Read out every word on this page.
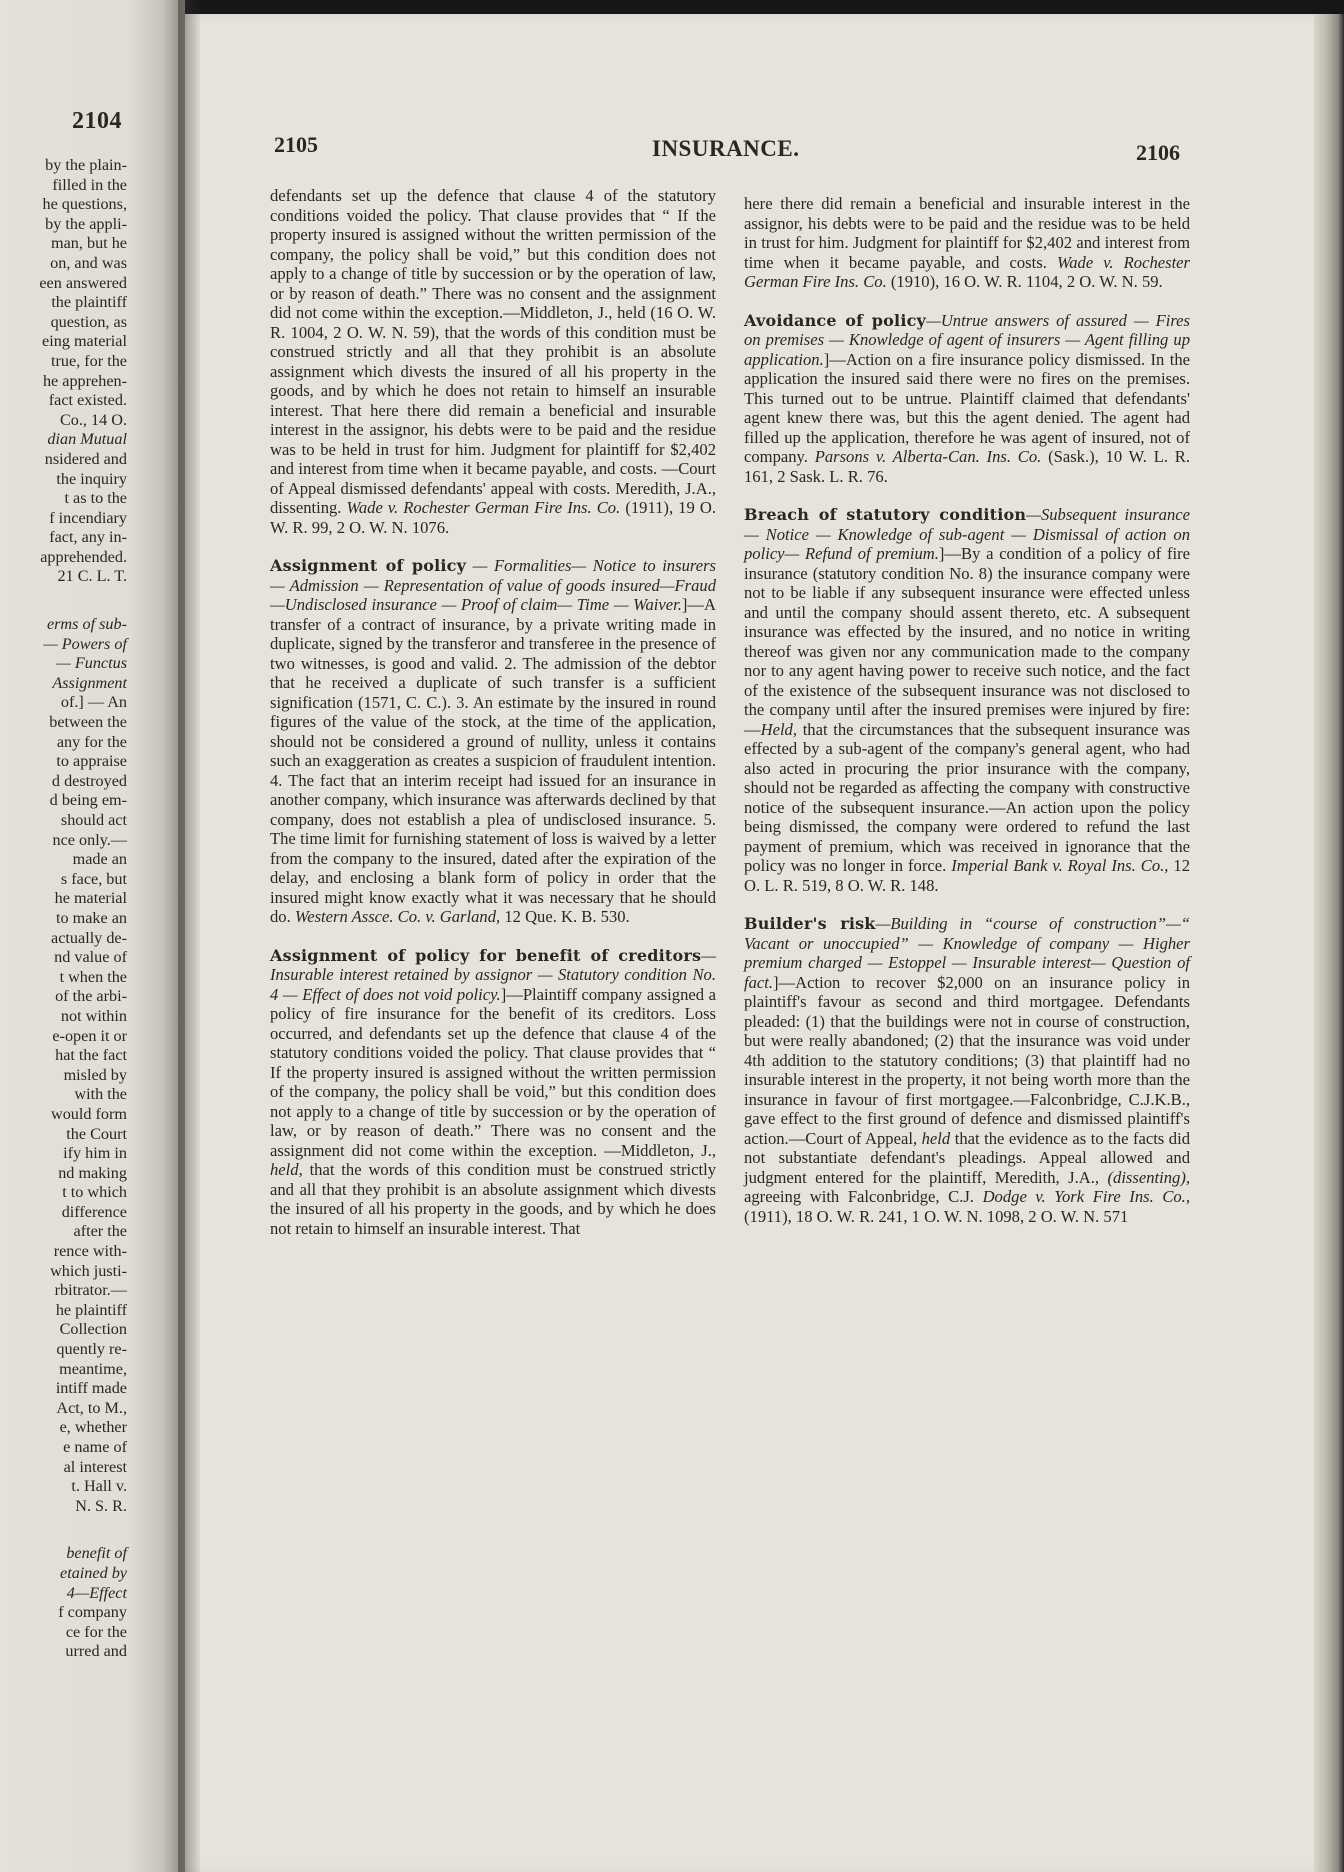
2104
by the plain-
filled in the
he questions,
by the appli-
man, but he
on, and was
een answered
the plaintiff
question, as
eing material
true, for the
he apprehen-
fact existed.
Co., 14 O.
dian Mutual
nsidered and
the inquiry
t as to the
f incendiary
fact, any in-
apprehended.
21 C. L. T.
erms of sub-
— Powers of
— Functus
Assignment
of.] — An
between the
any for the
to appraise
d destroyed
d being em-
should act
nce only.—
made an
s face, but
he material
to make an
actually de-
nd value of
t when the
of the arbi-
not within
e-open it or
hat the fact
misled by
with the
would form
the Court
ify him in
nd making
t to which
difference
after the
rence with-
which justi-
rbitrator.—
he plaintiff
Collection
quently re-
meantime,
intiff made
Act, to M.,
e, whether
e name of
al interest
t. Hall v.
N. S. R.
benefit of
etained by
4—Effect
f company
ce for the
urred and
2105	INSURANCE.	2106

defendants set up the defence that clause 4 of the statutory conditions voided the policy. That clause provides that “ If the property insured is assigned without the written permission of the company, the policy shall be void,” but this condition does not apply to a change of title by succession or by the operation of law, or by reason of death.” There was no consent and the assignment did not come within the exception.—Middleton, J., held (16 O. W. R. 1004, 2 O. W. N. 59), that the words of this condition must be construed strictly and all that they prohibit is an absolute assignment which divests the insured of all his property in the goods, and by which he does not retain to himself an insurable interest. That here there did remain a beneficial and insurable interest in the assignor, his debts were to be paid and the residue was to be held in trust for him. Judgment for plaintiff for $2,402 and interest from time when it became payable, and costs. —Court of Appeal dismissed defendants' appeal with costs. Meredith, J.A., dissenting. Wade v. Rochester German Fire Ins. Co. (1911), 19 O. W. R. 99, 2 O. W. N. 1076.

Assignment of policy — Formalities— Notice to insurers — Admission — Representation of value of goods insured—Fraud —Undisclosed insurance — Proof of claim— Time — Waiver.]—A transfer of a contract of insurance, by a private writing made in duplicate, signed by the transferor and transferee in the presence of two witnesses, is good and valid. 2. The admission of the debtor that he received a duplicate of such transfer is a sufficient signification (1571, C. C.). 3. An estimate by the insured in round figures of the value of the stock, at the time of the application, should not be considered a ground of nullity, unless it contains such an exaggeration as creates a suspicion of fraudulent intention. 4. The fact that an interim receipt had issued for an insurance in another company, which insurance was afterwards declined by that company, does not establish a plea of undisclosed insurance. 5. The time limit for furnishing statement of loss is waived by a letter from the company to the insured, dated after the expiration of the delay, and enclosing a blank form of policy in order that the insured might know exactly what it was necessary that he should do. Western Assce. Co. v. Garland, 12 Que. K. B. 530.

Assignment of policy for benefit of creditors—Insurable interest retained by assignor — Statutory condition No. 4 — Effect of does not void policy.]—Plaintiff company assigned a policy of fire insurance for the benefit of its creditors. Loss occurred, and defendants set up the defence that clause 4 of the statutory conditions voided the policy. That clause provides that “ If the property insured is assigned without the written permission of the company, the policy shall be void,” but this condition does not apply to a change of title by succession or by the operation of law, or by reason of death.” There was no consent and the assignment did not come within the exception. —Middleton, J., held, that the words of this condition must be construed strictly and all that they prohibit is an absolute assignment which divests the insured of all his property in the goods, and by which he does not retain to himself an insurable interest. That

here there did remain a beneficial and insurable interest in the assignor, his debts were to be paid and the residue was to be held in trust for him. Judgment for plaintiff for $2,402 and interest from time when it became payable, and costs. Wade v. Rochester German Fire Ins. Co. (1910), 16 O. W. R. 1104, 2 O. W. N. 59.

Avoidance of policy—Untrue answers of assured — Fires on premises — Knowledge of agent of insurers — Agent filling up application.]—Action on a fire insurance policy dismissed. In the application the insured said there were no fires on the premises. This turned out to be untrue. Plaintiff claimed that defendants' agent knew there was, but this the agent denied. The agent had filled up the application, therefore he was agent of insured, not of company. Parsons v. Alberta-Can. Ins. Co. (Sask.), 10 W. L. R. 161, 2 Sask. L. R. 76.

Breach of statutory condition—Subsequent insurance — Notice — Knowledge of sub-agent — Dismissal of action on policy— Refund of premium.]—By a condition of a policy of fire insurance (statutory condition No. 8) the insurance company were not to be liable if any subsequent insurance were effected unless and until the company should assent thereto, etc. A subsequent insurance was effected by the insured, and no notice in writing thereof was given nor any communication made to the company nor to any agent having power to receive such notice, and the fact of the existence of the subsequent insurance was not disclosed to the company until after the insured premises were injured by fire:—Held, that the circumstances that the subsequent insurance was effected by a sub-agent of the company's general agent, who had also acted in procuring the prior insurance with the company, should not be regarded as affecting the company with constructive notice of the subsequent insurance.—An action upon the policy being dismissed, the company were ordered to refund the last payment of premium, which was received in ignorance that the policy was no longer in force. Imperial Bank v. Royal Ins. Co., 12 O. L. R. 519, 8 O. W. R. 148.

Builder's risk—Building in “course of construction”—“ Vacant or unoccupied” — Knowledge of company — Higher premium charged — Estoppel — Insurable interest— Question of fact.]—Action to recover $2,000 on an insurance policy in plaintiff's favour as second and third mortgagee. Defendants pleaded: (1) that the buildings were not in course of construction, but were really abandoned; (2) that the insurance was void under 4th addition to the statutory conditions; (3) that plaintiff had no insurable interest in the property, it not being worth more than the insurance in favour of first mortgagee.—Falconbridge, C.J.K.B., gave effect to the first ground of defence and dismissed plaintiff's action.—Court of Appeal, held that the evidence as to the facts did not substantiate defendant's pleadings. Appeal allowed and judgment entered for the plaintiff, Meredith, J.A., (dissenting), agreeing with Falconbridge, C.J. Dodge v. York Fire Ins. Co., (1911), 18 O. W. R. 241, 1 O. W. N. 1098, 2 O. W. N. 571
